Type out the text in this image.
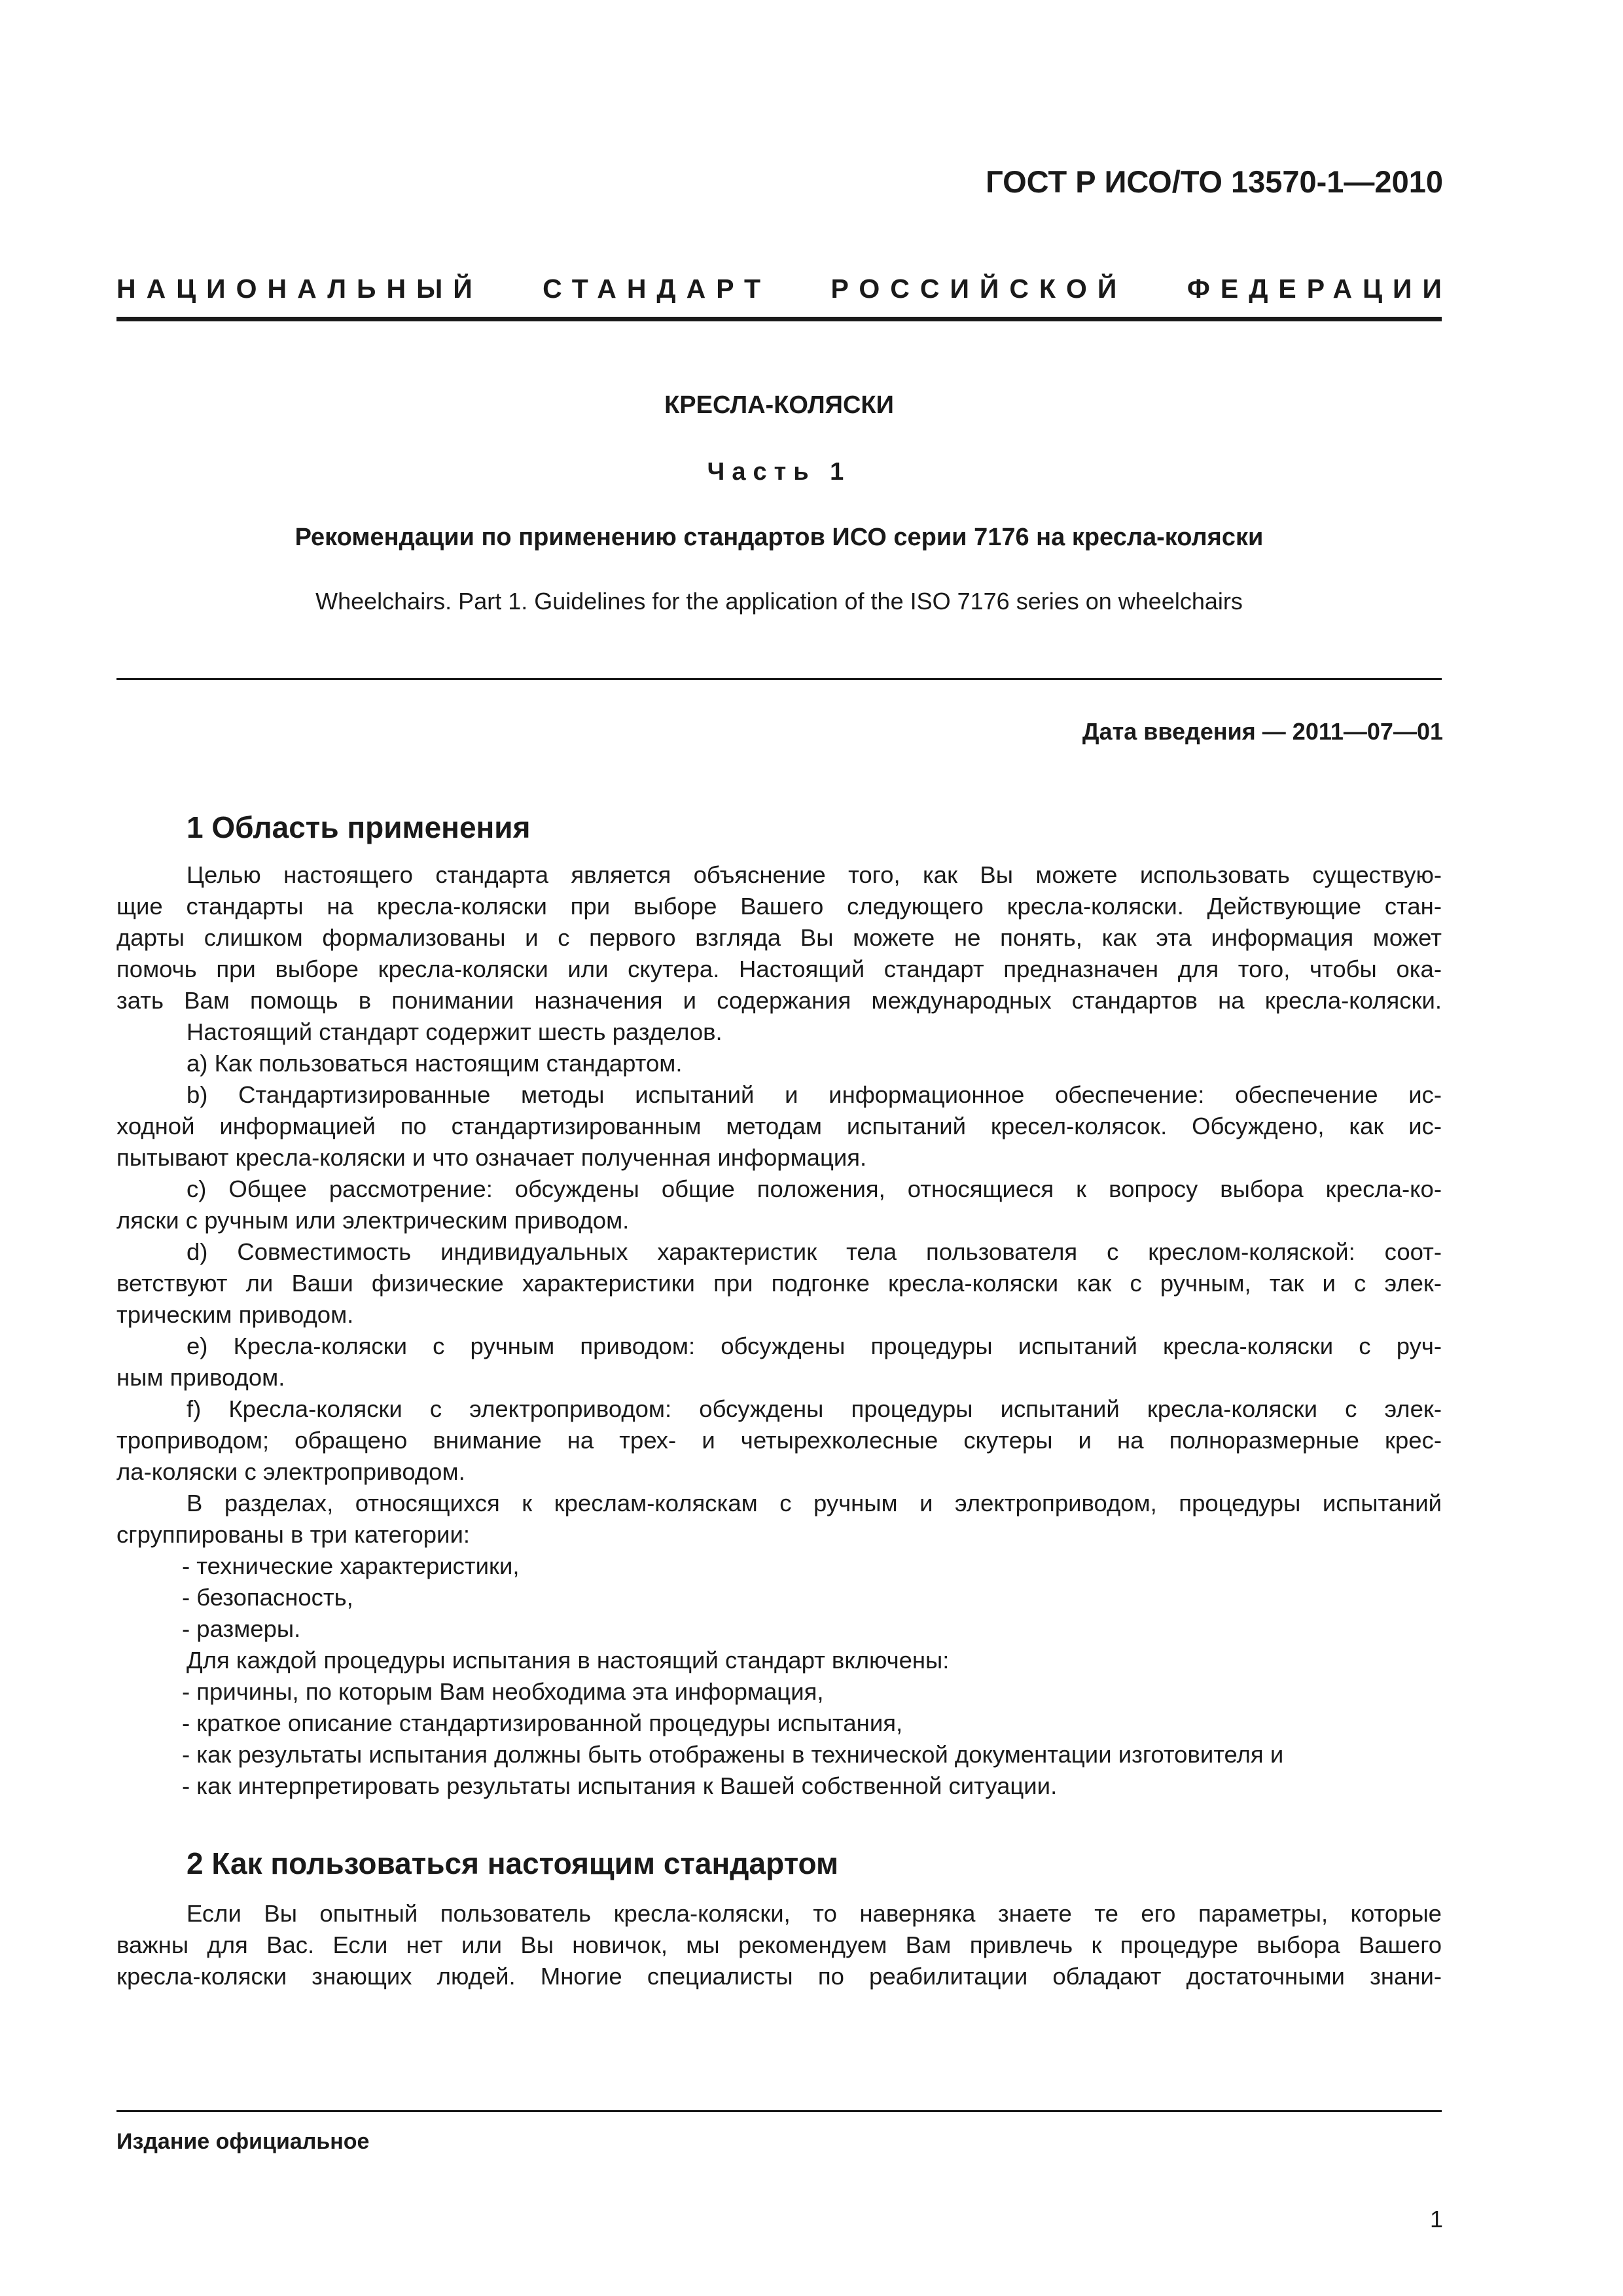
ГОСТ Р ИСО/ТО 13570-1—2010
НАЦИОНАЛЬНЫЙ СТАНДАРТ РОССИЙСКОЙ ФЕДЕРАЦИИ
КРЕСЛА-КОЛЯСКИ
Часть 1
Рекомендации по применению стандартов ИСО серии 7176 на кресла-коляски
Wheelchairs. Part 1. Guidelines for the application of the ISO 7176 series on wheelchairs
Дата введения — 2011—07—01
1 Область применения
Целью настоящего стандарта является объяснение того, как Вы можете использовать существую-
щие стандарты на кресла-коляски при выборе Вашего следующего кресла-коляски. Действующие стан-
дарты слишком формализованы и с первого взгляда Вы можете не понять, как эта информация может
помочь при выборе кресла-коляски или скутера. Настоящий стандарт предназначен для того, чтобы ока-
зать Вам помощь в понимании назначения и содержания международных стандартов на кресла-коляски.
Настоящий стандарт содержит шесть разделов.
a) Как пользоваться настоящим стандартом.
b) Стандартизированные методы испытаний и информационное обеспечение: обеспечение ис-
ходной информацией по стандартизированным методам испытаний кресел-колясок. Обсуждено, как ис-
пытывают кресла-коляски и что означает полученная информация.
c) Общее рассмотрение: обсуждены общие положения, относящиеся к вопросу выбора кресла-ко-
ляски с ручным или электрическим приводом.
d) Совместимость индивидуальных характеристик тела пользователя с креслом-коляской: соот-
ветствуют ли Ваши физические характеристики при подгонке кресла-коляски как с ручным, так и с элек-
трическим приводом.
e) Кресла-коляски с ручным приводом: обсуждены процедуры испытаний кресла-коляски с руч-
ным приводом.
f) Кресла-коляски с электроприводом: обсуждены процедуры испытаний кресла-коляски с элек-
троприводом; обращено внимание на трех- и четырехколесные скутеры и на полноразмерные крес-
ла-коляски с электроприводом.
В разделах, относящихся к креслам-коляскам с ручным и электроприводом, процедуры испытаний
сгруппированы в три категории:
- технические характеристики,
- безопасность,
- размеры.
Для каждой процедуры испытания в настоящий стандарт включены:
- причины, по которым Вам необходима эта информация,
- краткое описание стандартизированной процедуры испытания,
- как результаты испытания должны быть отображены в технической документации изготовителя и
- как интерпретировать результаты испытания к Вашей собственной ситуации.
2 Как пользоваться настоящим стандартом
Если Вы опытный пользователь кресла-коляски, то наверняка знаете те его параметры, которые
важны для Вас. Если нет или Вы новичок, мы рекомендуем Вам привлечь к процедуре выбора Вашего
кресла-коляски знающих людей. Многие специалисты по реабилитации обладают достаточными знани-
Издание официальное
1
